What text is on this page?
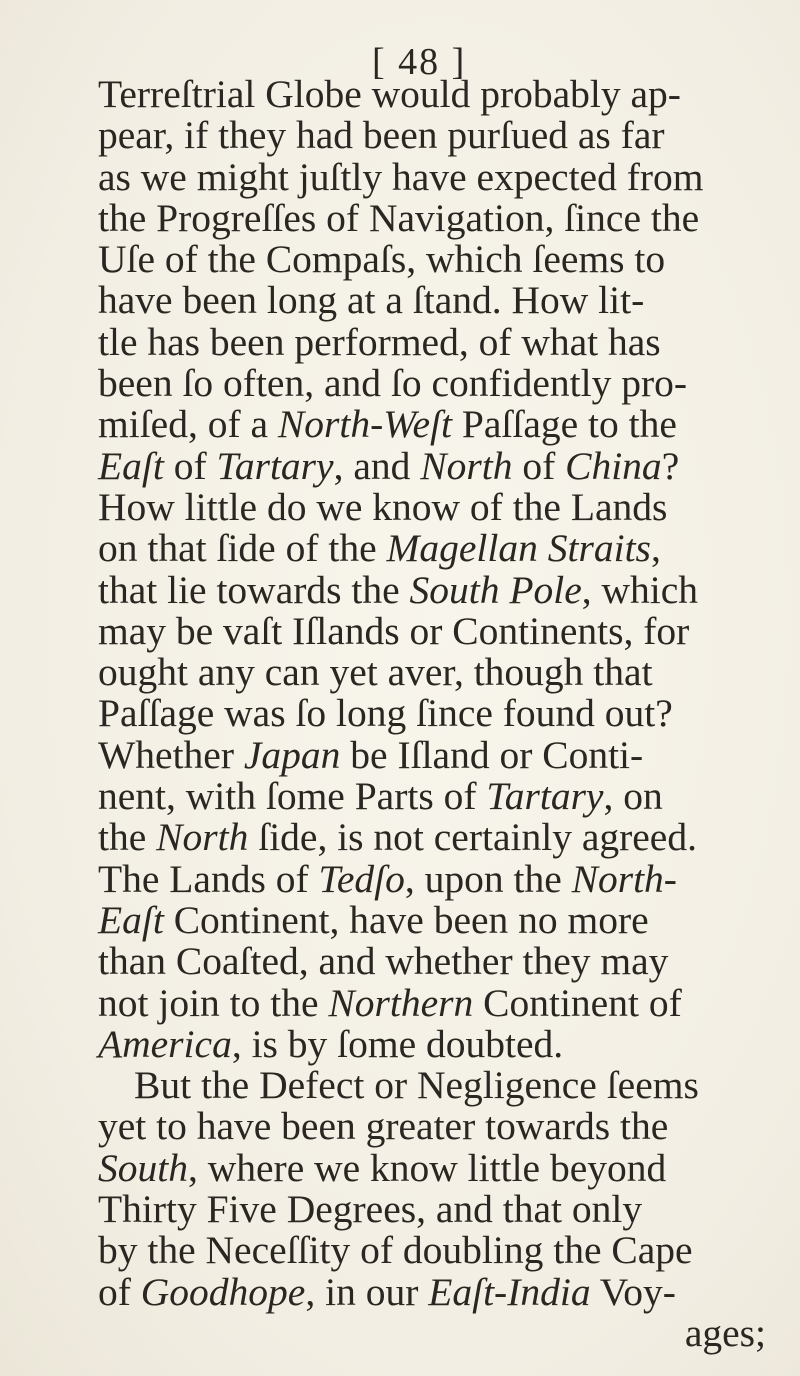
[ 48 ]
Terreſtrial Globe would probably ap-
pear, if they had been purſued as far
as we might juſtly have expected from
the Progreſſes of Navigation, ſince the
Uſe of the Compaſs, which ſeems to
have been long at a ſtand. How lit-
tle has been performed, of what has
been ſo often, and ſo confidently pro-
miſed, of a North-Weſt Paſſage to the
Eaſt of Tartary, and North of China?
How little do we know of the Lands
on that ſide of the Magellan Straits,
that lie towards the South Pole, which
may be vaſt Iſlands or Continents, for
ought any can yet aver, though that
Paſſage was ſo long ſince found out?
Whether Japan be Iſland or Conti-
nent, with ſome Parts of Tartary, on
the North ſide, is not certainly agreed.
The Lands of Tedſo, upon the North-
Eaſt Continent, have been no more
than Coaſted, and whether they may
not join to the Northern Continent of
America, is by ſome doubted.
But the Defect or Negligence ſeems
yet to have been greater towards the
South, where we know little beyond
Thirty Five Degrees, and that only
by the Neceſſity of doubling the Cape
of Goodhope, in our Eaſt-India Voy-
ages;
